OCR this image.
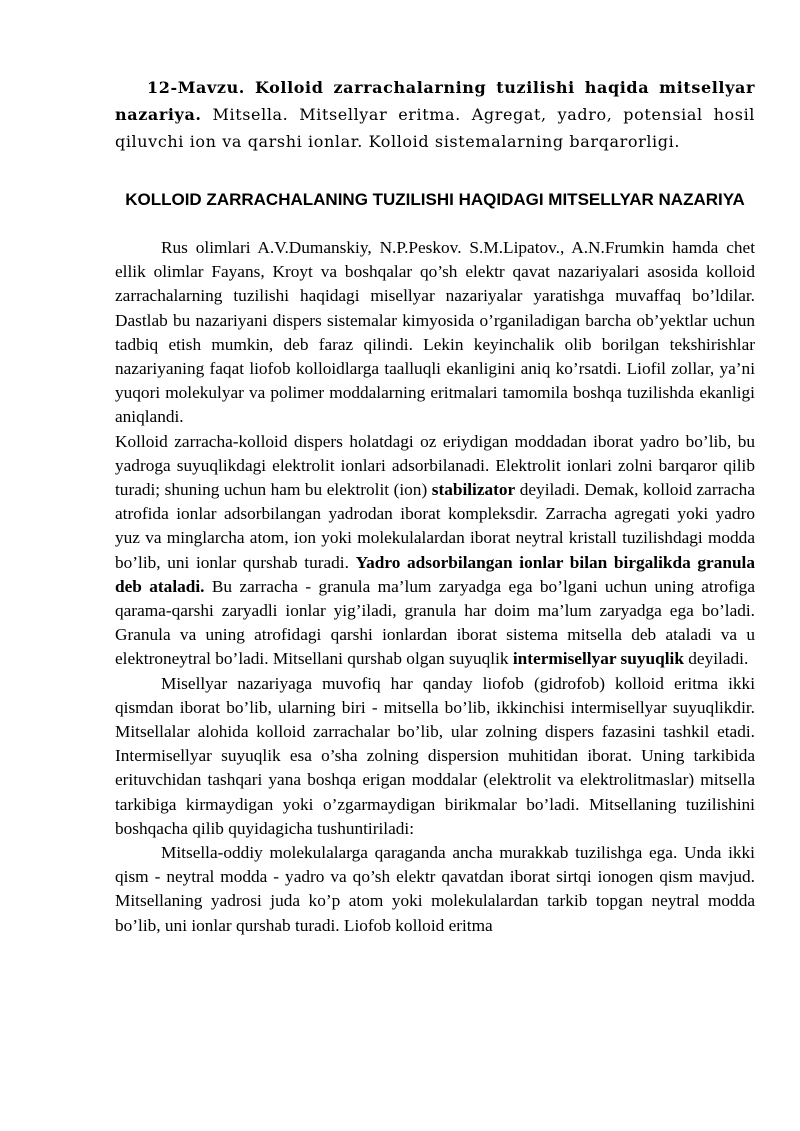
12-Mavzu. Kolloid zarrachalarning tuzilishi haqida mitsellyar nazariya. Mitsella. Mitsellyar eritma. Agregat, yadro, potensial hosil qiluvchi ion va qarshi ionlar. Kolloid sistemalarning barqarorligi.

KOLLOID ZARRACHALANING TUZILISHI HAQIDAGI MITSELLYAR NAZARIYA

Rus olimlari A.V.Dumanskiy, N.P.Peskov. S.M.Lipatov., A.N.Frumkin hamda chet ellik olimlar Fayans, Kroyt va boshqalar qo’sh elektr qavat nazariyalari asosida kolloid zarrachalarning tuzilishi haqidagi misellyar nazariyalar yaratishga muvaffaq bo’ldilar. Dastlab bu nazariyani dispers sistemalar kimyosida o’rganiladigan barcha ob’yektlar uchun tadbiq etish mumkin, deb faraz qilindi. Lekin keyinchalik olib borilgan tekshirishlar nazariyaning faqat liofob kolloidlarga taalluqli ekanligini aniq ko’rsatdi. Liofil zollar, ya’ni yuqori molekulyar va polimer moddalarning eritmalari tamomila boshqa tuzilishda ekanligi aniqlandi.

Kolloid zarracha-kolloid dispers holatdagi oz eriydigan moddadan iborat yadro bo’lib, bu yadroga suyuqlikdagi elektrolit ionlari adsorbilanadi. Elektrolit ionlari zolni barqaror qilib turadi; shuning uchun ham bu elektrolit (ion) stabilizator deyiladi. Demak, kolloid zarracha atrofida ionlar adsorbilangan yadrodan iborat kompleksdir. Zarracha agregati yoki yadro yuz va minglarcha atom, ion yoki molekulalardan iborat neytral kristall tuzilishdagi modda bo’lib, uni ionlar qurshab turadi. Yadro adsorbilangan ionlar bilan birgalikda granula deb ataladi. Bu zarracha - granula ma’lum zaryadga ega bo’lgani uchun uning atrofiga qarama-qarshi zaryadli ionlar yig’iladi, granula har doim ma’lum zaryadga ega bo’ladi. Granula va uning atrofidagi qarshi ionlardan iborat sistema mitsella deb ataladi va u elektroneytral bo’ladi. Mitsellani qurshab olgan suyuqlik intermisellyar suyuqlik deyiladi.

Misellyar nazariyaga muvofiq har qanday liofob (gidrofob) kolloid eritma ikki qismdan iborat bo’lib, ularning biri - mitsella bo’lib, ikkinchisi intermisellyar suyuqlikdir. Mitsellalar alohida kolloid zarrachalar bo’lib, ular zolning dispers fazasini tashkil etadi. Intermisellyar suyuqlik esa o’sha zolning dispersion muhitidan iborat. Uning tarkibida erituvchidan tashqari yana boshqa erigan moddalar (elektrolit va elektrolitmaslar) mitsella tarkibiga kirmaydigan yoki o’zgarmaydigan birikmalar bo’ladi. Mitsellaning tuzilishini boshqacha qilib quyidagicha tushuntiriladi:

Mitsella-oddiy molekulalarga qaraganda ancha murakkab tuzilishga ega. Unda ikki qism - neytral modda - yadro va qo’sh elektr qavatdan iborat sirtqi ionogen qism mavjud. Mitsellaning yadrosi juda ko’p atom yoki molekulalardan tarkib topgan neytral modda bo’lib, uni ionlar qurshab turadi. Liofob kolloid eritma
